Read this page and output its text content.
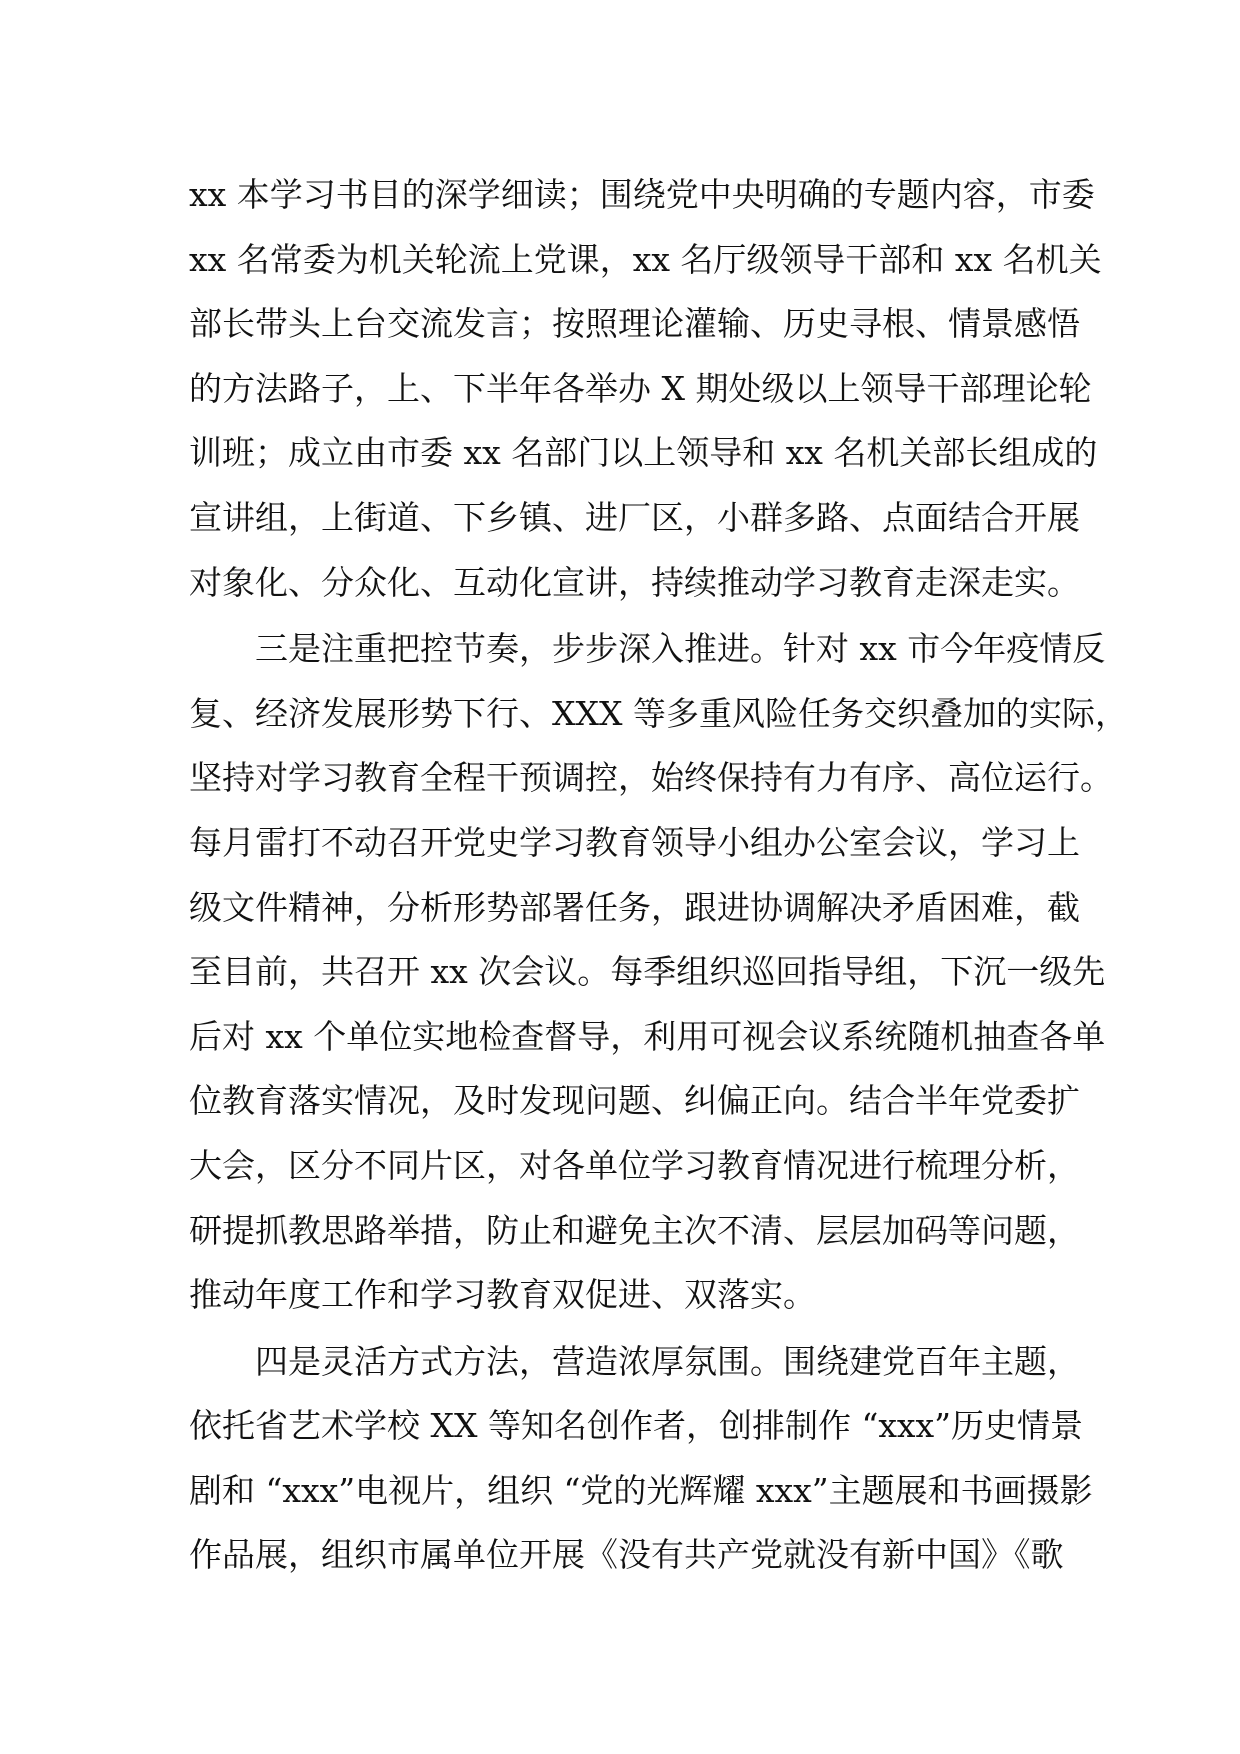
xx 本学习书目的深学细读；围绕党中央明确的专题内容，市委
xx 名常委为机关轮流上党课，xx 名厅级领导干部和 xx 名机关
部长带头上台交流发言；按照理论灌输、历史寻根、情景感悟
的方法路子，上、下半年各举办 X 期处级以上领导干部理论轮
训班；成立由市委 xx 名部门以上领导和 xx 名机关部长组成的
宣讲组，上街道、下乡镇、进厂区，小群多路、点面结合开展
对象化、分众化、互动化宣讲，持续推动学习教育走深走实。
三是注重把控节奏，步步深入推进。针对 xx 市今年疫情反
复、经济发展形势下行、XXX 等多重风险任务交织叠加的实际，
坚持对学习教育全程干预调控，始终保持有力有序、高位运行。
每月雷打不动召开党史学习教育领导小组办公室会议，学习上
级文件精神，分析形势部署任务，跟进协调解决矛盾困难，截
至目前，共召开 xx 次会议。每季组织巡回指导组，下沉一级先
后对 xx 个单位实地检查督导，利用可视会议系统随机抽查各单
位教育落实情况，及时发现问题、纠偏正向。结合半年党委扩
大会，区分不同片区，对各单位学习教育情况进行梳理分析，
研提抓教思路举措，防止和避免主次不清、层层加码等问题，
推动年度工作和学习教育双促进、双落实。
四是灵活方式方法，营造浓厚氛围。围绕建党百年主题，
依托省艺术学校 XX 等知名创作者，创排制作 “xxx”历史情景
剧和 “xxx”电视片，组织 “党的光辉耀 xxx”主题展和书画摄影
作品展，组织市属单位开展《没有共产党就没有新中国》《歌
